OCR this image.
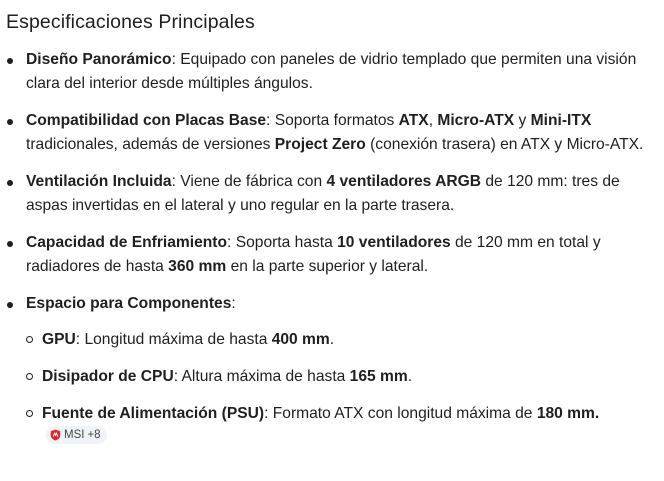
Especificaciones Principales
Diseño Panorámico: Equipado con paneles de vidrio templado que permiten una visión clara del interior desde múltiples ángulos.
Compatibilidad con Placas Base: Soporta formatos ATX, Micro-ATX y Mini-ITX tradicionales, además de versiones Project Zero (conexión trasera) en ATX y Micro-ATX.
Ventilación Incluida: Viene de fábrica con 4 ventiladores ARGB de 120 mm: tres de aspas invertidas en el lateral y uno regular en la parte trasera.
Capacidad de Enfriamiento: Soporta hasta 10 ventiladores de 120 mm en total y radiadores de hasta 360 mm en la parte superior y lateral.
Espacio para Componentes:
GPU: Longitud máxima de hasta 400 mm.
Disipador de CPU: Altura máxima de hasta 165 mm.
Fuente de Alimentación (PSU): Formato ATX con longitud máxima de 180 mm.
MSI +8
